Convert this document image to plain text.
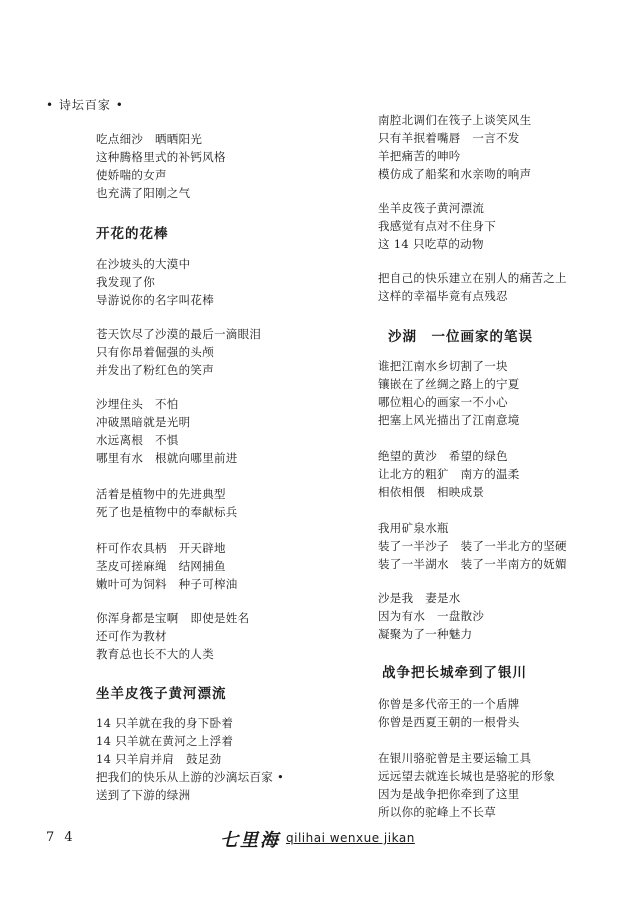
• 诗坛百家 •
吃点细沙　晒晒阳光
这种腾格里式的补钙风格
使娇喘的女声
也充满了阳刚之气
开花的花棒
在沙坡头的大漠中
我发现了你
导游说你的名字叫花棒
苍天饮尽了沙漠的最后一滴眼泪
只有你昂着倔强的头颅
并发出了粉红色的笑声
沙埋住头　不怕
冲破黑暗就是光明
水远离根　不惧
哪里有水　根就向哪里前进
活着是植物中的先进典型
死了也是植物中的奉献标兵
杆可作农具柄　开天辟地
茎皮可搓麻绳　结网捕鱼
嫩叶可为饲料　种子可榨油
你浑身都是宝啊　即使是姓名
还可作为教材
教育总也长不大的人类
坐羊皮筏子黄河漂流
14 只羊就在我的身下卧着
14 只羊就在黄河之上浮着
14 只羊肩并肩　鼓足劲
把我们的快乐从上游的沙漓坛百家 •
送到了下游的绿洲
南腔北调们在筏子上谈笑风生
只有羊抿着嘴唇　一言不发
羊把痛苦的呻吟
模仿成了船桨和水亲吻的响声
坐羊皮筏子黄河漂流
我感觉有点对不住身下
这 14 只吃草的动物
把自己的快乐建立在别人的痛苦之上
这样的幸福毕竟有点残忍
沙湖　一位画家的笔误
谁把江南水乡切割了一块
镶嵌在了丝绸之路上的宁夏
哪位粗心的画家一不小心
把塞上风光描出了江南意境
绝望的黄沙　希望的绿色
让北方的粗犷　南方的温柔
相依相偎　相映成景
我用矿泉水瓶
装了一半沙子　装了一半北方的坚硬
装了一半湖水　装了一半南方的妩媚
沙是我　妻是水
因为有水　一盘散沙
凝聚为了一种魅力
战争把长城牵到了银川
你曾是多代帝王的一个盾牌
你曾是西夏王朝的一根骨头
在银川骆驼曾是主要运输工具
远远望去就连长城也是骆驼的形象
因为是战争把你牵到了这里
所以你的驼峰上不长草
7 4	七里海 qilihai wenxue jikan
